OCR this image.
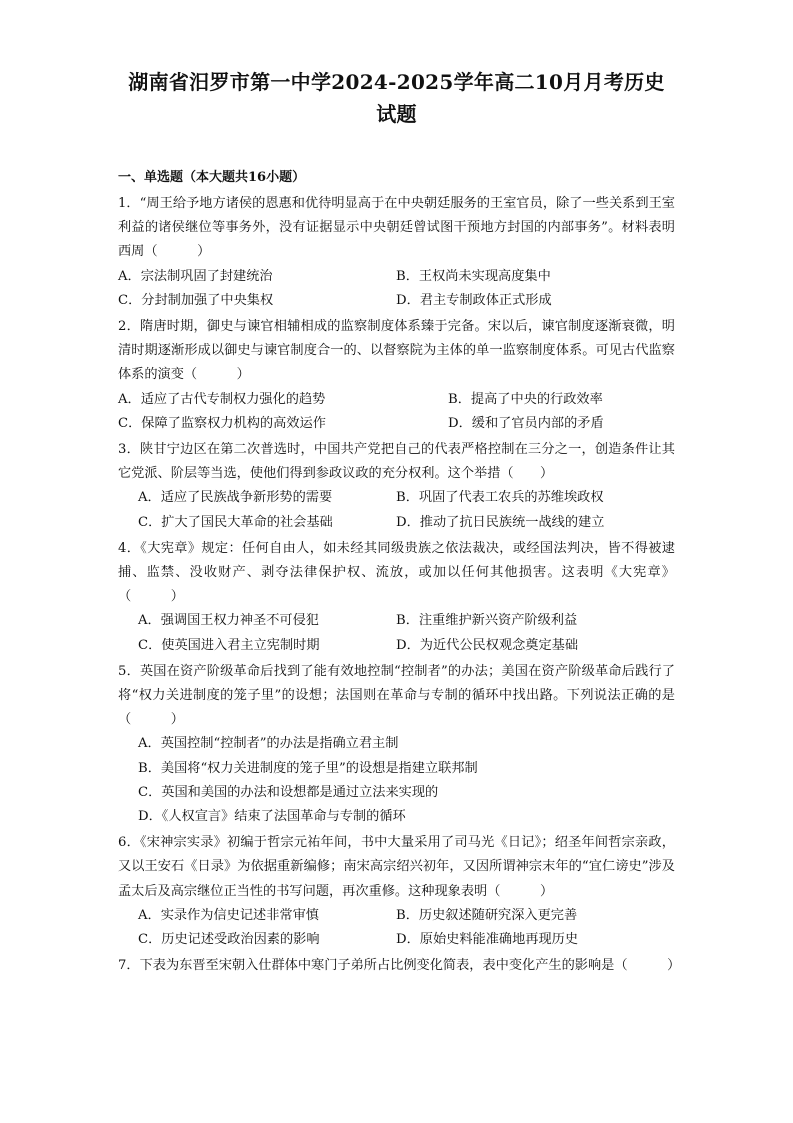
湖南省汨罗市第一中学2024-2025学年高二10月月考历史
试题
一、单选题（本大题共16小题）
1．“周王给予地方诸侯的恩惠和优待明显高于在中央朝廷服务的王室官员，除了一些关系到王室利益的诸侯继位等事务外，没有证据显示中央朝廷曾试图干预地方封国的内部事务”。材料表明西周（　　　）
A．宗法制巩固了封建统治	B．王权尚未实现高度集中
C．分封制加强了中央集权	D．君主专制政体正式形成
2．隋唐时期，御史与谏官相辅相成的监察制度体系臻于完备。宋以后，谏官制度逐渐衰微，明清时期逐渐形成以御史与谏官制度合一的、以督察院为主体的单一监察制度体系。可见古代监察体系的演变（　　　）
A．适应了古代专制权力强化的趋势	B．提高了中央的行政效率
C．保障了监察权力机构的高效运作	D．缓和了官员内部的矛盾
3．陕甘宁边区在第二次普选时，中国共产党把自己的代表严格控制在三分之一，创造条件让其它党派、阶层等当选，使他们得到参政议政的充分权利。这个举措（　　）
A．适应了民族战争新形势的需要	B．巩固了代表工农兵的苏维埃政权
C．扩大了国民大革命的社会基础	D．推动了抗日民族统一战线的建立
4．《大宪章》规定：任何自由人，如未经其同级贵族之依法裁决，或经国法判决，皆不得被逮捕、监禁、没收财产、剥夺法律保护权、流放，或加以任何其他损害。这表明《大宪章》（　　　）
A．强调国王权力神圣不可侵犯	B．注重维护新兴资产阶级利益
C．使英国进入君主立宪制时期	D．为近代公民权观念奠定基础
5．英国在资产阶级革命后找到了能有效地控制“控制者”的办法；美国在资产阶级革命后践行了将“权力关进制度的笼子里”的设想；法国则在革命与专制的循环中找出路。下列说法正确的是（　　　）
A．英国控制“控制者”的办法是指确立君主制
B．美国将“权力关进制度的笼子里”的设想是指建立联邦制
C．英国和美国的办法和设想都是通过立法来实现的
D．《人权宣言》结束了法国革命与专制的循环
6．《宋神宗实录》初编于哲宗元祐年间，书中大量采用了司马光《日记》；绍圣年间哲宗亲政，又以王安石《日录》为依据重新编修；南宋高宗绍兴初年，又因所谓神宗末年的“宜仁谤史”涉及孟太后及高宗继位正当性的书写问题，再次重修。这种现象表明（　　　）
A．实录作为信史记述非常审慎	B．历史叙述随研究深入更完善
C．历史记述受政治因素的影响	D．原始史料能准确地再现历史
7．下表为东晋至宋朝入仕群体中寒门子弟所占比例变化简表，表中变化产生的影响是（　　　）
